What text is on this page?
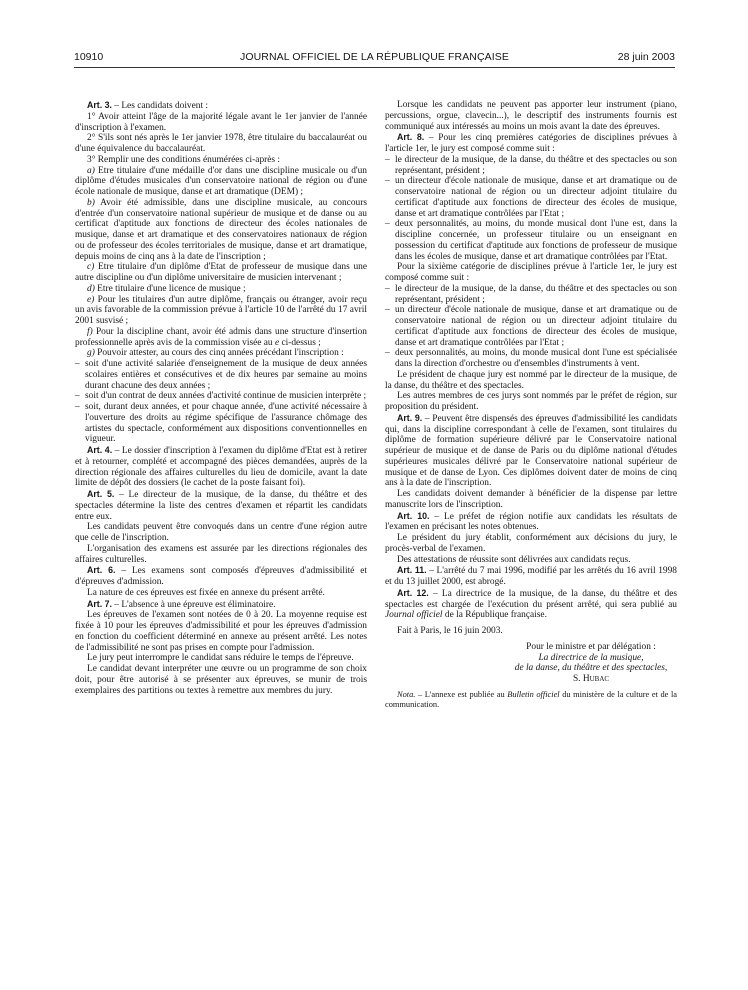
10910	JOURNAL OFFICIEL DE LA RÉPUBLIQUE FRANÇAISE	28 juin 2003

Art. 3. – Les candidats doivent :

1° Avoir atteint l'âge de la majorité légale avant le 1er janvier de l'année d'inscription à l'examen.

2° S'ils sont nés après le 1er janvier 1978, être titulaire du baccalauréat ou d'une équivalence du baccalauréat.

3° Remplir une des conditions énumérées ci-après :

a) Etre titulaire d'une médaille d'or dans une discipline musicale ou d'un diplôme d'études musicales d'un conservatoire national de région ou d'une école nationale de musique, danse et art dramatique (DEM) ;

b) Avoir été admissible, dans une discipline musicale, au concours d'entrée d'un conservatoire national supérieur de musique et de danse ou au certificat d'aptitude aux fonctions de directeur des écoles nationales de musique, danse et art dramatique et des conservatoires nationaux de région ou de professeur des écoles territoriales de musique, danse et art dramatique, depuis moins de cinq ans à la date de l'inscription ;

c) Etre titulaire d'un diplôme d'Etat de professeur de musique dans une autre discipline ou d'un diplôme universitaire de musicien intervenant ;

d) Etre titulaire d'une licence de musique ;

e) Pour les titulaires d'un autre diplôme, français ou étranger, avoir reçu un avis favorable de la commission prévue à l'article 10 de l'arrêté du 17 avril 2001 susvisé ;

f) Pour la discipline chant, avoir été admis dans une structure d'insertion professionnelle après avis de la commission visée au e ci-dessus ;

g) Pouvoir attester, au cours des cinq années précédant l'inscription :

– soit d'une activité salariée d'enseignement de la musique de deux années scolaires entières et consécutives et de dix heures par semaine au moins durant chacune des deux années ;
– soit d'un contrat de deux années d'activité continue de musicien interprète ;
– soit, durant deux années, et pour chaque année, d'une activité nécessaire à l'ouverture des droits au régime spécifique de l'assurance chômage des artistes du spectacle, conformément aux dispositions conventionnelles en vigueur.

Art. 4. – Le dossier d'inscription à l'examen du diplôme d'Etat est à retirer et à retourner, complété et accompagné des pièces demandées, auprès de la direction régionale des affaires culturelles du lieu de domicile, avant la date limite de dépôt des dossiers (le cachet de la poste faisant foi).

Art. 5. – Le directeur de la musique, de la danse, du théâtre et des spectacles détermine la liste des centres d'examen et répartit les candidats entre eux.

Les candidats peuvent être convoqués dans un centre d'une région autre que celle de l'inscription.

L'organisation des examens est assurée par les directions régionales des affaires culturelles.

Art. 6. – Les examens sont composés d'épreuves d'admissibilité et d'épreuves d'admission.

La nature de ces épreuves est fixée en annexe du présent arrêté.

Art. 7. – L'absence à une épreuve est éliminatoire.

Les épreuves de l'examen sont notées de 0 à 20. La moyenne requise est fixée à 10 pour les épreuves d'admissibilité et pour les épreuves d'admission en fonction du coefficient déterminé en annexe au présent arrêté. Les notes de l'admissibilité ne sont pas prises en compte pour l'admission.

Le jury peut interrompre le candidat sans réduire le temps de l'épreuve.

Le candidat devant interpréter une œuvre ou un programme de son choix doit, pour être autorisé à se présenter aux épreuves, se munir de trois exemplaires des partitions ou textes à remettre aux membres du jury.

Lorsque les candidats ne peuvent pas apporter leur instrument (piano, percussions, orgue, clavecin...), le descriptif des instruments fournis est communiqué aux intéressés au moins un mois avant la date des épreuves.

Art. 8. – Pour les cinq premières catégories de disciplines prévues à l'article 1er, le jury est composé comme suit :

– le directeur de la musique, de la danse, du théâtre et des spectacles ou son représentant, président ;
– un directeur d'école nationale de musique, danse et art dramatique ou de conservatoire national de région ou un directeur adjoint titulaire du certificat d'aptitude aux fonctions de directeur des écoles de musique, danse et art dramatique contrôlées par l'Etat ;
– deux personnalités, au moins, du monde musical dont l'une est, dans la discipline concernée, un professeur titulaire ou un enseignant en possession du certificat d'aptitude aux fonctions de professeur de musique dans les écoles de musique, danse et art dramatique contrôlées par l'Etat.

Pour la sixième catégorie de disciplines prévue à l'article 1er, le jury est composé comme suit :

– le directeur de la musique, de la danse, du théâtre et des spectacles ou son représentant, président ;
– un directeur d'école nationale de musique, danse et art dramatique ou de conservatoire national de région ou un directeur adjoint titulaire du certificat d'aptitude aux fonctions de directeur des écoles de musique, danse et art dramatique contrôlées par l'Etat ;
– deux personnalités, au moins, du monde musical dont l'une est spécialisée dans la direction d'orchestre ou d'ensembles d'instruments à vent.

Le président de chaque jury est nommé par le directeur de la musique, de la danse, du théâtre et des spectacles.

Les autres membres de ces jurys sont nommés par le préfet de région, sur proposition du président.

Art. 9. – Peuvent être dispensés des épreuves d'admissibilité les candidats qui, dans la discipline correspondant à celle de l'examen, sont titulaires du diplôme de formation supérieure délivré par le Conservatoire national supérieur de musique et de danse de Paris ou du diplôme national d'études supérieures musicales délivré par le Conservatoire national supérieur de musique et de danse de Lyon. Ces diplômes doivent dater de moins de cinq ans à la date de l'inscription.

Les candidats doivent demander à bénéficier de la dispense par lettre manuscrite lors de l'inscription.

Art. 10. – Le préfet de région notifie aux candidats les résultats de l'examen en précisant les notes obtenues.

Le président du jury établit, conformément aux décisions du jury, le procès-verbal de l'examen.

Des attestations de réussite sont délivrées aux candidats reçus.

Art. 11. – L'arrêté du 7 mai 1996, modifié par les arrêtés du 16 avril 1998 et du 13 juillet 2000, est abrogé.

Art. 12. – La directrice de la musique, de la danse, du théâtre et des spectacles est chargée de l'exécution du présent arrêté, qui sera publié au Journal officiel de la République française.

Fait à Paris, le 16 juin 2003.

Pour le ministre et par délégation :

La directrice de la musique,

de la danse, du théâtre et des spectacles,

S. Hubac

Nota. – L'annexe est publiée au Bulletin officiel du ministère de la culture et de la communication.
